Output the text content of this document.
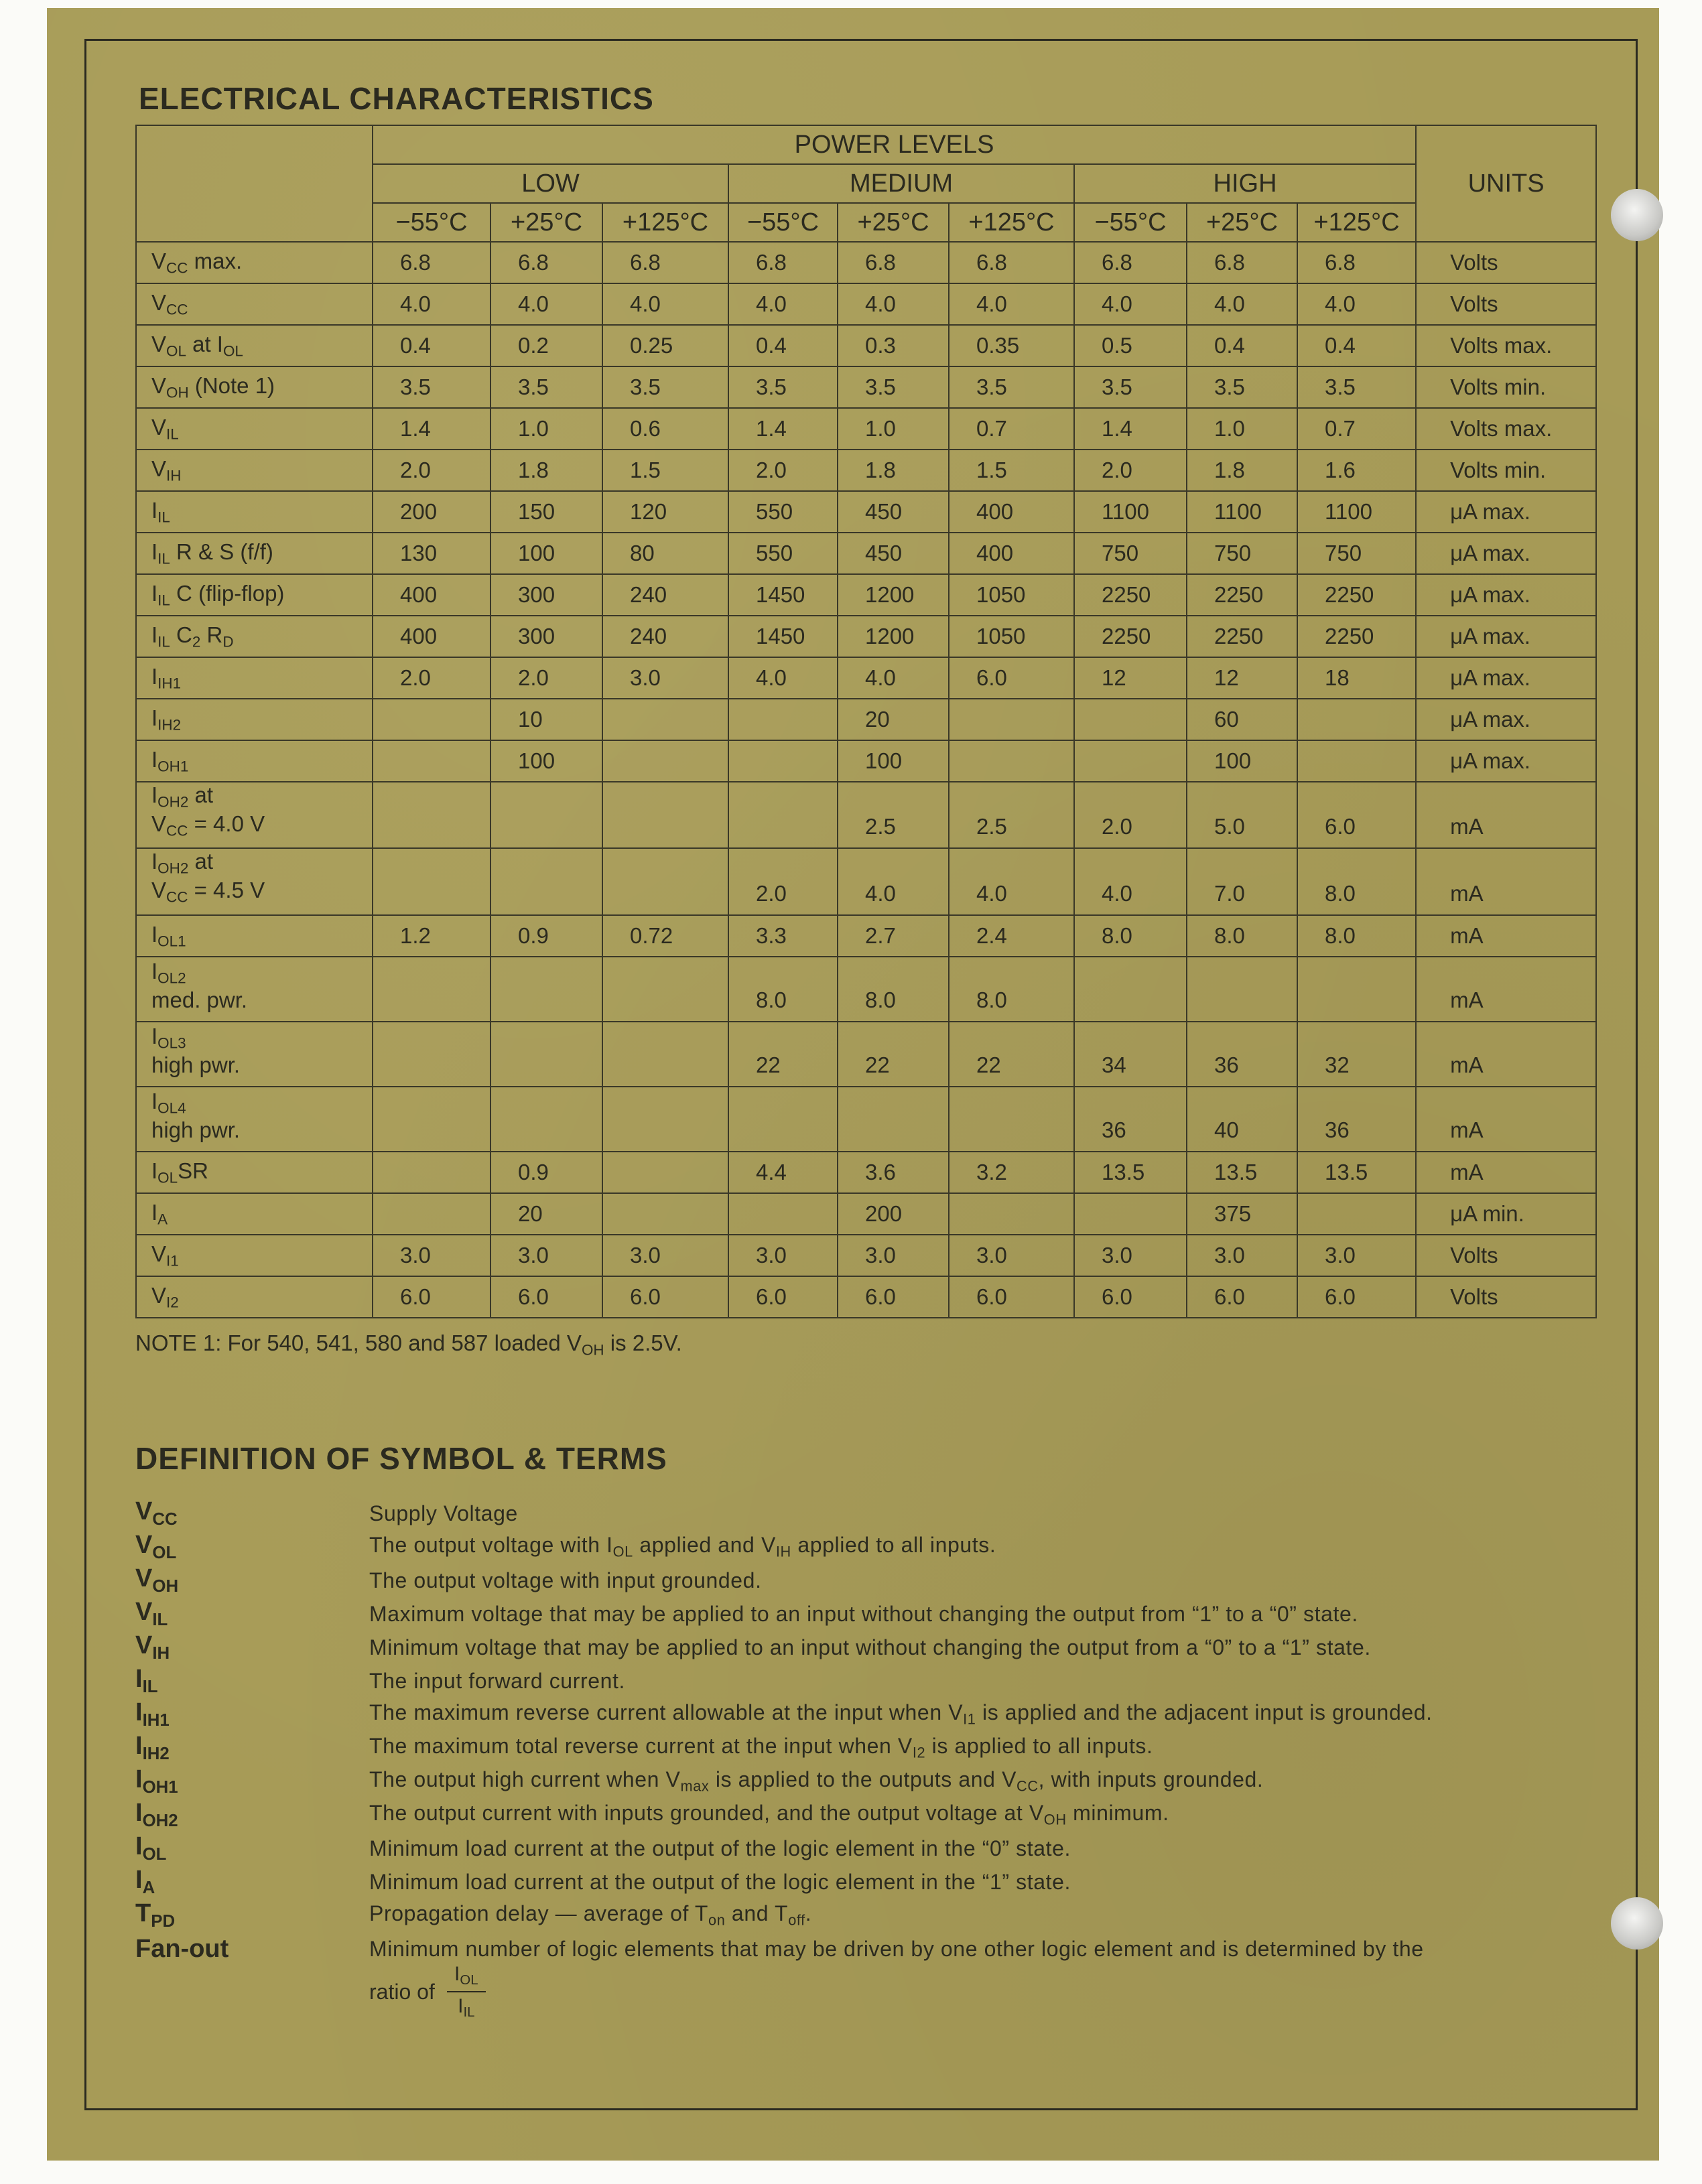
ELECTRICAL CHARACTERISTICS
	POWER LEVELS									UNITS
	LOW			MEDIUM			HIGH			
	−55°C	+25°C	+125°C	−55°C	+25°C	+125°C	−55°C	+25°C	+125°C	

$V_{CC}$ max.	6.8	6.8	6.8	6.8	6.8	6.8	6.8	6.8	6.8	Volts

$V_{CC}$	4.0	4.0	4.0	4.0	4.0	4.0	4.0	4.0	4.0	Volts

$V_{OL}$ at $I_{OL}$	0.4	0.2	0.25	0.4	0.3	0.35	0.5	0.4	0.4	Volts max.

$V_{OH}$ (Note 1)	3.5	3.5	3.5	3.5	3.5	3.5	3.5	3.5	3.5	Volts min.

$V_{IL}$	1.4	1.0	0.6	1.4	1.0	0.7	1.4	1.0	0.7	Volts max.

$V_{IH}$	2.0	1.8	1.5	2.0	1.8	1.5	2.0	1.8	1.6	Volts min.

$I_{IL}$	200	150	120	550	450	400	1100	1100	1100	μA max.

$I_{IL}$ R & S (f/f)	130	100	80	550	450	400	750	750	750	μA max.

$I_{IL}$ C (flip-flop)	400	300	240	1450	1200	1050	2250	2250	2250	μA max.

$I_{IL}$ $C_2$ $R_D$	400	300	240	1450	1200	1050	2250	2250	2250	μA max.

$I_{IH1}$	2.0	2.0	3.0	4.0	4.0	6.0	12	12	18	μA max.

$I_{IH2}$		10			20			60		μA max.

$I_{OH1}$		100			100			100		μA max.

$I_{OH2}$ at
$V_{CC} = 4.0$ V					2.5	2.5	2.0	5.0	6.0	mA

$I_{OH2}$ at
$V_{CC} = 4.5$ V				2.0	4.0	4.0	4.0	7.0	8.0	mA

$I_{OL1}$	1.2	0.9	0.72	3.3	2.7	2.4	8.0	8.0	8.0	mA

$I_{OL2}$
med. pwr.				8.0	8.0	8.0				mA

$I_{OL3}$
high pwr.				22	22	22	34	36	32	mA

$I_{OL4}$
high pwr.							36	40	36	mA

$I_{OL}SR$		0.9		4.4	3.6	3.2	13.5	13.5	13.5	mA

$I_A$		20			200			375		μA min.

$V_{I1}$	3.0	3.0	3.0	3.0	3.0	3.0	3.0	3.0	3.0	Volts

$V_{I2}$	6.0	6.0	6.0	6.0	6.0	6.0	6.0	6.0	6.0	Volts
NOTE 1: For 540, 541, 580 and 587 loaded $V_{OH}$ is 2.5V.
DEFINITION OF SYMBOL & TERMS
$V_{CC}$	Supply Voltage
$V_{OL}$	The output voltage with $I_{OL}$ applied and $V_{IH}$ applied to all inputs.
$V_{OH}$	The output voltage with input grounded.
$V_{IL}$	Maximum voltage that may be applied to an input without changing the output from “1” to a “0” state.
$V_{IH}$	Minimum voltage that may be applied to an input without changing the output from a “0” to a “1” state.
$I_{IL}$	The input forward current.
$I_{IH1}$	The maximum reverse current allowable at the input when $V_{I1}$ is applied and the adjacent input is grounded.
$I_{IH2}$	The maximum total reverse current at the input when $V_{I2}$ is applied to all inputs.
$I_{OH1}$	The output high current when $V_{max}$ is applied to the outputs and $V_{CC}$, with inputs grounded.
$I_{OH2}$	The output current with inputs grounded, and the output voltage at $V_{OH}$ minimum.
$I_{OL}$	Minimum load current at the output of the logic element in the “0” state.
$I_A$	Minimum load current at the output of the logic element in the “1” state.
$T_{PD}$	Propagation delay — average of $T_{on}$ and $T_{off}$.
Fan-out	Minimum number of logic elements that may be driven by one other logic element and is determined by the
ratio of $\frac{I_{OL}}{I_{IL}}$
